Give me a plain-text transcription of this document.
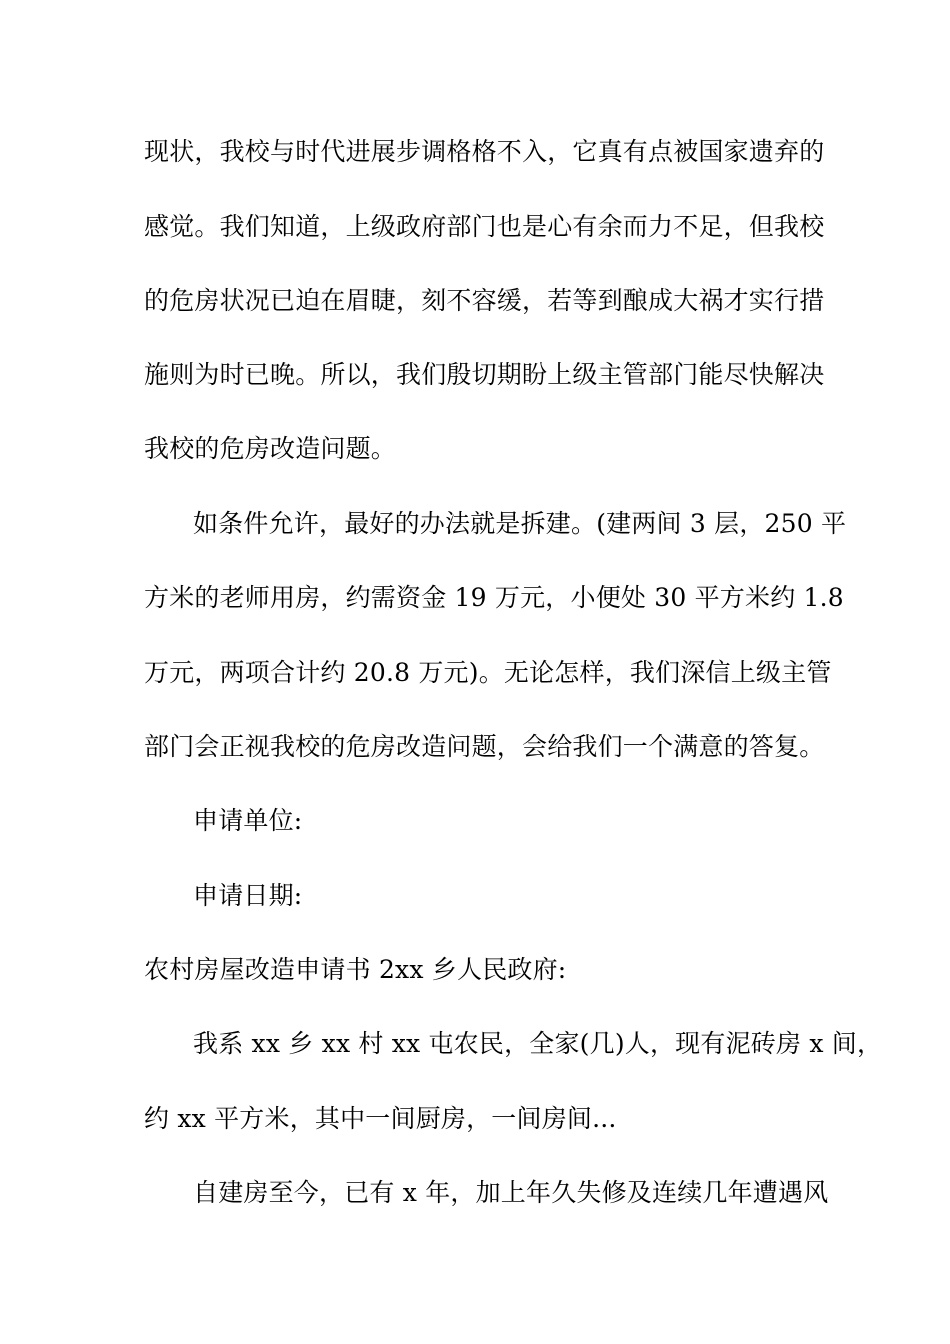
现状，我校与时代进展步调格格不入，它真有点被国家遗弃的
感觉。我们知道，上级政府部门也是心有余而力不足，但我校
的危房状况已迫在眉睫，刻不容缓，若等到酿成大祸才实行措
施则为时已晚。所以，我们殷切期盼上级主管部门能尽快解决
我校的危房改造问题。
如条件允许，最好的办法就是拆建。(建两间 3 层，250 平
方米的老师用房，约需资金 19 万元，小便处 30 平方米约 1.8
万元，两项合计约 20.8 万元)。无论怎样，我们深信上级主管
部门会正视我校的危房改造问题，会给我们一个满意的答复。
申请单位:
申请日期:
农村房屋改造申请书 2xx 乡人民政府:
我系 xx 乡 xx 村 xx 屯农民，全家(几)人，现有泥砖房 x 间，
约 xx 平方米，其中一间厨房，一间房间...
自建房至今，已有 x 年，加上年久失修及连续几年遭遇风
